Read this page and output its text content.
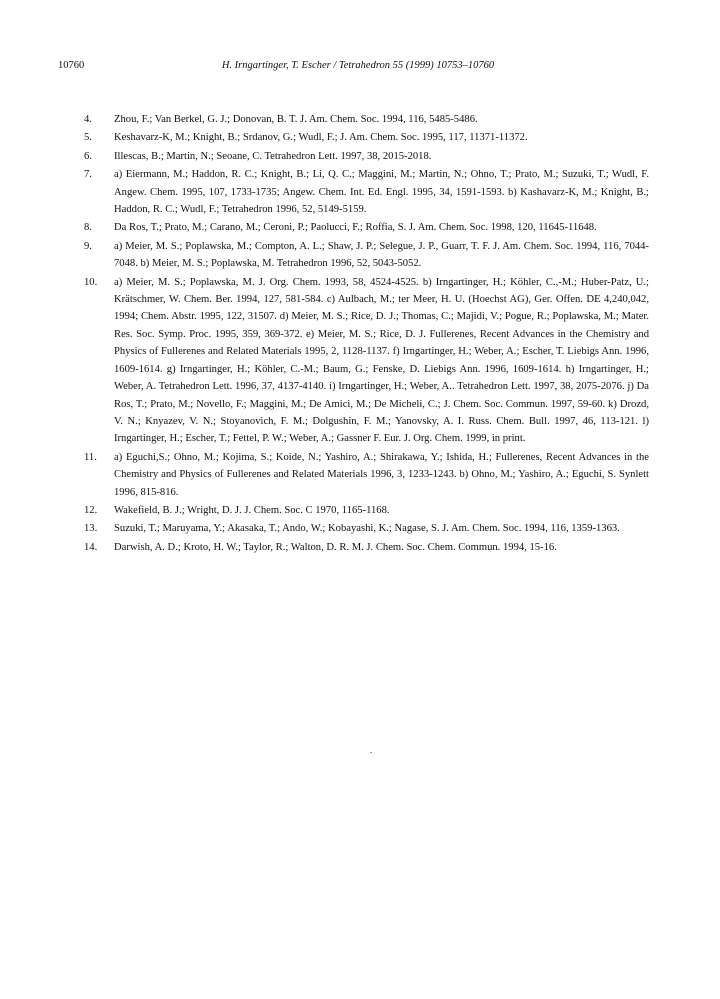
10760	H. Irngartinger, T. Escher / Tetrahedron 55 (1999) 10753–10760
4. Zhou, F.; Van Berkel, G. J.; Donovan, B. T. J. Am. Chem. Soc. 1994, 116, 5485-5486.
5. Keshavarz-K, M.; Knight, B.; Srdanov, G.; Wudl, F.; J. Am. Chem. Soc. 1995, 117, 11371-11372.
6. Illescas, B.; Martin, N.; Seoane, C. Tetrahedron Lett. 1997, 38, 2015-2018.
7. a) Eiermann, M.; Haddon, R. C.; Knight, B.; Li, Q. C.; Maggini, M.; Martin, N.; Ohno, T.; Prato, M.; Suzuki, T.; Wudl, F. Angew. Chem. 1995, 107, 1733-1735; Angew. Chem. Int. Ed. Engl. 1995, 34, 1591-1593. b) Kashavarz-K, M.; Knight, B.; Haddon, R. C.; Wudl, F.; Tetrahedron 1996, 52, 5149-5159.
8. Da Ros, T.; Prato, M.; Carano, M.; Ceroni, P.; Paolucci, F.; Roffia, S. J. Am. Chem. Soc. 1998, 120, 11645-11648.
9. a) Meier, M. S.; Poplawska, M.; Compton, A. L.; Shaw, J. P.; Selegue, J. P., Guarr, T. F. J. Am. Chem. Soc. 1994, 116, 7044-7048. b) Meier, M. S.; Poplawska, M. Tetrahedron 1996, 52, 5043-5052.
10. a) Meier, M. S.; Poplawska, M. J. Org. Chem. 1993, 58, 4524-4525. b) Irngartinger, H.; Köhler, C.,-M.; Huber-Patz, U.; Krätschmer, W. Chem. Ber. 1994, 127, 581-584. c) Aulbach, M.; ter Meer, H. U. (Hoechst AG), Ger. Offen. DE 4,240,042, 1994; Chem. Abstr. 1995, 122, 31507. d) Meier, M. S.; Rice, D. J.; Thomas, C.; Majidi, V.; Pogue, R.; Poplawska, M.; Mater. Res. Soc. Symp. Proc. 1995, 359, 369-372. e) Meier, M. S.; Rice, D. J. Fullerenes, Recent Advances in the Chemistry and Physics of Fullerenes and Related Materials 1995, 2, 1128-1137. f) Irngartinger, H.; Weber, A.; Escher, T. Liebigs Ann. 1996, 1609-1614. g) Irngartinger, H.; Köhler, C.-M.; Baum, G.; Fenske, D. Liebigs Ann. 1996, 1609-1614. h) Irngartinger, H.; Weber, A. Tetrahedron Lett. 1996, 37, 4137-4140. i) Irngartinger, H.; Weber, A.. Tetrahedron Lett. 1997, 38, 2075-2076. j) Da Ros, T.; Prato, M.; Novello, F.; Maggini, M.; De Amici, M.; De Micheli, C.; J. Chem. Soc. Commun. 1997, 59-60. k) Drozd, V. N.; Knyazev, V. N.; Stoyanovich, F. M.; Dolgushin, F. M.; Yanovsky, A. I. Russ. Chem. Bull. 1997, 46, 113-121. l) Irngartinger, H.; Escher, T.; Fettel, P. W.; Weber, A.; Gassner F. Eur. J. Org. Chem. 1999, in print.
11. a) Eguchi,S.; Ohno, M.; Kojima, S.; Koide, N.; Yashiro, A.; Shirakawa, Y.; Ishida, H.; Fullerenes, Recent Advances in the Chemistry and Physics of Fullerenes and Related Materials 1996, 3, 1233-1243. b) Ohno, M.; Yashiro, A.; Eguchi, S. Synlett 1996, 815-816.
12. Wakefield, B. J.; Wright, D. J. J. Chem. Soc. C 1970, 1165-1168.
13. Suzuki, T.; Maruyama, Y.; Akasaka, T.; Ando, W.; Kobayashi, K.; Nagase, S. J. Am. Chem. Soc. 1994, 116, 1359-1363.
14. Darwish, A. D.; Kroto, H. W.; Taylor, R.; Walton, D. R. M. J. Chem. Soc. Chem. Commun. 1994, 15-16.
